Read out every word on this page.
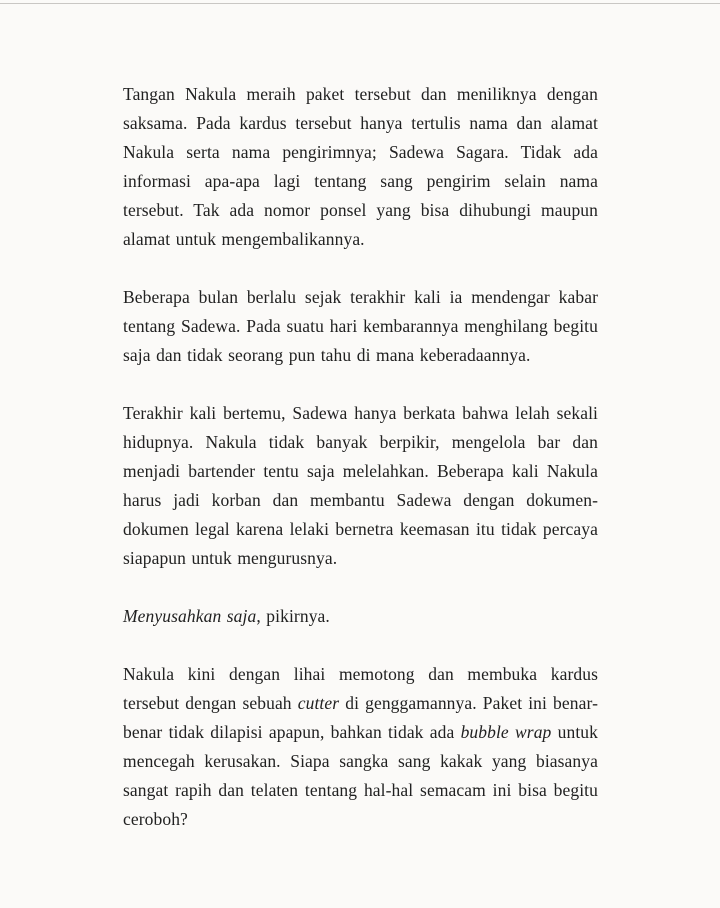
Tangan Nakula meraih paket tersebut dan meniliknya dengan saksama. Pada kardus tersebut hanya tertulis nama dan alamat Nakula serta nama pengirimnya; Sadewa Sagara. Tidak ada informasi apa-apa lagi tentang sang pengirim selain nama tersebut. Tak ada nomor ponsel yang bisa dihubungi maupun alamat untuk mengembalikannya.

Beberapa bulan berlalu sejak terakhir kali ia mendengar kabar tentang Sadewa. Pada suatu hari kembarannya menghilang begitu saja dan tidak seorang pun tahu di mana keberadaannya.

Terakhir kali bertemu, Sadewa hanya berkata bahwa lelah sekali hidupnya. Nakula tidak banyak berpikir, mengelola bar dan menjadi bartender tentu saja melelahkan. Beberapa kali Nakula harus jadi korban dan membantu Sadewa dengan dokumen-dokumen legal karena lelaki bernetra keemasan itu tidak percaya siapapun untuk mengurusnya.

Menyusahkan saja, pikirnya.

Nakula kini dengan lihai memotong dan membuka kardus tersebut dengan sebuah cutter di genggamannya. Paket ini benar-benar tidak dilapisi apapun, bahkan tidak ada bubble wrap untuk mencegah kerusakan. Siapa sangka sang kakak yang biasanya sangat rapih dan telaten tentang hal-hal semacam ini bisa begitu ceroboh?
